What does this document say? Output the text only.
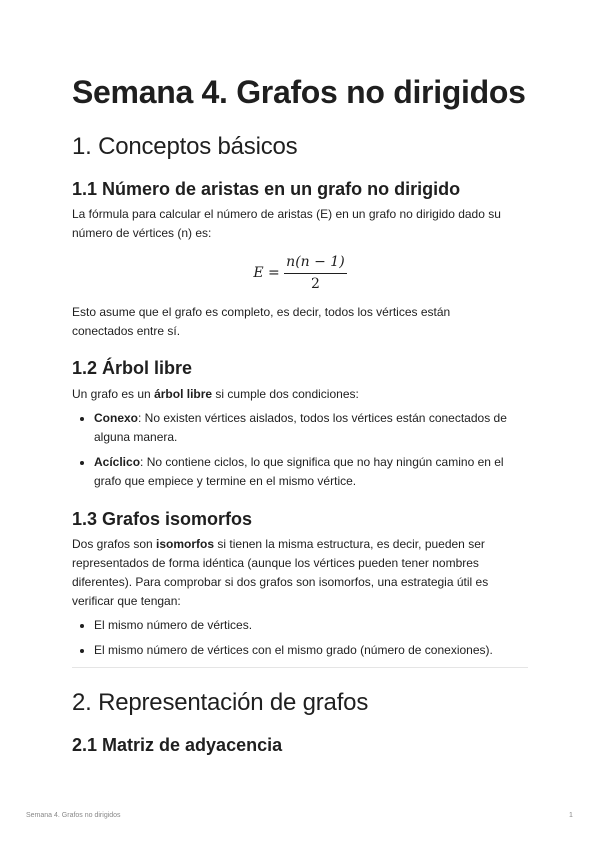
Semana 4. Grafos no dirigidos
1. Conceptos básicos
1.1 Número de aristas en un grafo no dirigido

La fórmula para calcular el número de aristas (E) en un grafo no dirigido dado su número de vértices (n) es:

$E = \frac{n(n - 1)}{2}$

Esto asume que el grafo es completo, es decir, todos los vértices están conectados entre sí.

1.2 Árbol libre

Un grafo es un árbol libre si cumple dos condiciones:

Conexo: No existen vértices aislados, todos los vértices están conectados de alguna manera.
Acíclico: No contiene ciclos, lo que significa que no hay ningún camino en el grafo que empiece y termine en el mismo vértice.
1.3 Grafos isomorfos

Dos grafos son isomorfos si tienen la misma estructura, es decir, pueden ser representados de forma idéntica (aunque los vértices pueden tener nombres diferentes). Para comprobar si dos grafos son isomorfos, una estrategia útil es verificar que tengan:

El mismo número de vértices.
El mismo número de vértices con el mismo grado (número de conexiones).
2. Representación de grafos
2.1 Matriz de adyacencia
Semana 4. Grafos no dirigidos	1
